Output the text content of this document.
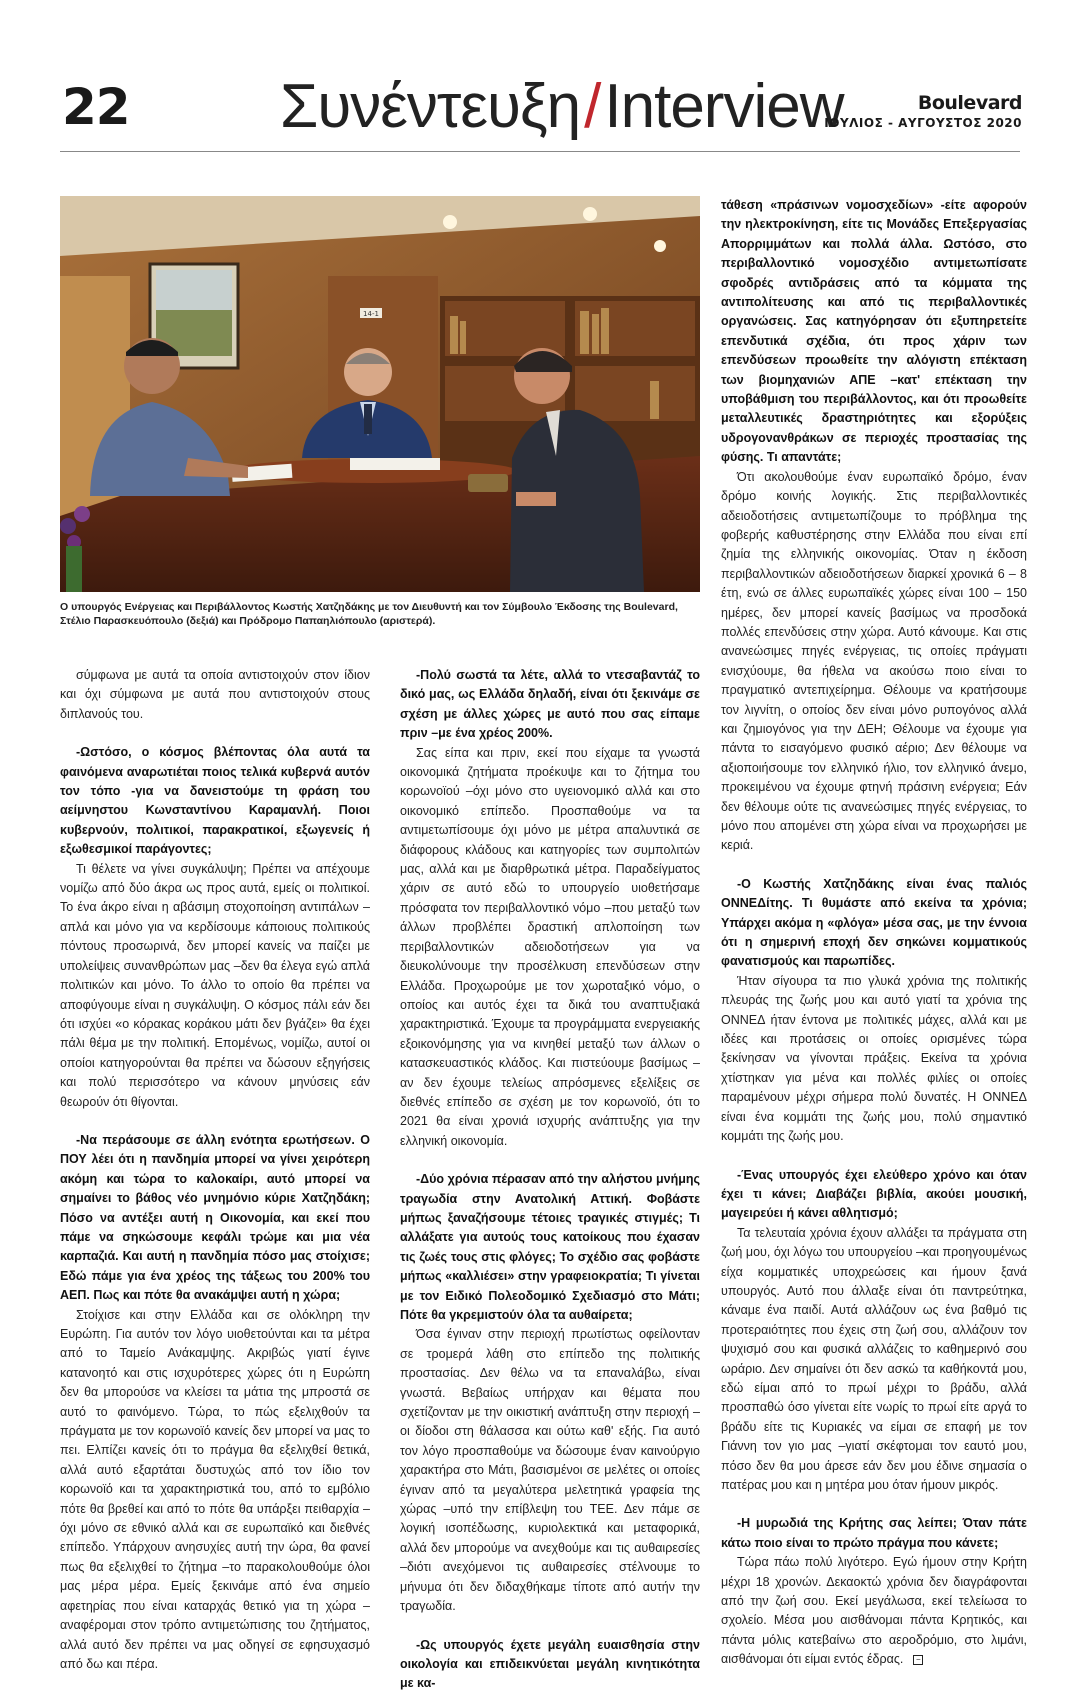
22 Συνέντευξη/Interview	Boulevard
ΙΟΥΛΙΟΣ - ΑΥΓΟΥΣΤΟΣ 2020
14-1
Ο υπουργός Ενέργειας και Περιβάλλοντος Κωστής Χατζηδάκης με τον Διευθυντή και τον Σύμβουλο Έκδοσης της Boulevard, Στέλιο Παρασκευόπουλο (δεξιά) και Πρόδρομο Παπαηλιόπουλο (αριστερά).

σύμφωνα με αυτά τα οποία αντιστοιχούν στον ίδιον και όχι σύμφωνα με αυτά που αντιστοιχούν στους διπλανούς του.

-Ωστόσο, ο κόσμος βλέποντας όλα αυτά τα φαινόμενα αναρωτιέται ποιος τελικά κυβερνά αυτόν τον τόπο -για να δανειστούμε τη φράση του αείμνηστου Κωνσταντίνου Καραμανλή. Ποιοι κυβερνούν, πολιτικοί, παρακρατικοί, εξωγενείς ή εξωθεσμικοί παράγοντες;

Τι θέλετε να γίνει συγκάλυψη; Πρέπει να απέχουμε νομίζω από δύο άκρα ως προς αυτά, εμείς οι πολιτικοί. Το ένα άκρο είναι η αβάσιμη στοχοποίηση αντιπάλων –απλά και μόνο για να κερδίσουμε κάποιους πολιτικούς πόντους προσωρινά, δεν μπορεί κανείς να παίζει με υπολείψεις συνανθρώπων μας –δεν θα έλεγα εγώ απλά πολιτικών και μόνο. Το άλλο το οποίο θα πρέπει να αποφύγουμε είναι η συγκάλυψη. Ο κόσμος πάλι εάν δει ότι ισχύει «ο κόρακας κοράκου μάτι δεν βγάζει» θα έχει πάλι θέμα με την πολιτική. Επομένως, νομίζω, αυτοί οι οποίοι κατηγορούνται θα πρέπει να δώσουν εξηγήσεις και πολύ περισσότερο να κάνουν μηνύσεις εάν θεωρούν ότι θίγονται.

-Να περάσουμε σε άλλη ενότητα ερωτήσεων. Ο ΠΟΥ λέει ότι η πανδημία μπορεί να γίνει χειρότερη ακόμη και τώρα το καλοκαίρι, αυτό μπορεί να σημαίνει το βάθος νέο μνημόνιο κύριε Χατζηδάκη; Πόσο να αντέξει αυτή η Οικονομία, και εκεί που πάμε να σηκώσουμε κεφάλι τρώμε και μια νέα καρπαζιά. Και αυτή η πανδημία πόσο μας στοίχισε; Εδώ πάμε για ένα χρέος της τάξεως του 200% του ΑΕΠ. Πως και πότε θα ανακάμψει αυτή η χώρα;

Στοίχισε και στην Ελλάδα και σε ολόκληρη την Ευρώπη. Για αυτόν τον λόγο υιοθετούνται και τα μέτρα από το Ταμείο Ανάκαμψης. Ακριβώς γιατί έγινε κατανοητό και στις ισχυρότερες χώρες ότι η Ευρώπη δεν θα μπορούσε να κλείσει τα μάτια της μπροστά σε αυτό το φαινόμενο. Τώρα, το πώς εξελιχθούν τα πράγματα με τον κορωνοϊό κανείς δεν μπορεί να μας το πει. Ελπίζει κανείς ότι το πράγμα θα εξελιχθεί θετικά, αλλά αυτό εξαρτάται δυστυχώς από τον ίδιο τον κορωνοϊό και τα χαρακτηριστικά του, από το εμβόλιο πότε θα βρεθεί και από το πότε θα υπάρξει πειθαρχία –όχι μόνο σε εθνικό αλλά και σε ευρωπαϊκό και διεθνές επίπεδο. Υπάρχουν ανησυχίες αυτή την ώρα, θα φανεί πως θα εξελιχθεί το ζήτημα –το παρακολουθούμε όλοι μας μέρα μέρα. Εμείς ξεκινάμε από ένα σημείο αφετηρίας που είναι καταρχάς θετικό για τη χώρα –αναφέρομαι στον τρόπο αντιμετώπισης του ζητήματος, αλλά αυτό δεν πρέπει να μας οδηγεί σε εφησυχασμό από δω και πέρα.

-Πολύ σωστά τα λέτε, αλλά το ντεσαβαντάζ το δικό μας, ως Ελλάδα δηλαδή, είναι ότι ξεκινάμε σε σχέση με άλλες χώρες με αυτό που σας είπαμε πριν –με ένα χρέος 200%.

Σας είπα και πριν, εκεί που είχαμε τα γνωστά οικονομικά ζητήματα προέκυψε και το ζήτημα του κορωνοϊού –όχι μόνο στο υγειονομικό αλλά και στο οικονομικό επίπεδο. Προσπαθούμε να τα αντιμετωπίσουμε όχι μόνο με μέτρα απαλυντικά σε διάφορους κλάδους και κατηγορίες των συμπολιτών μας, αλλά και με διαρθρωτικά μέτρα. Παραδείγματος χάριν σε αυτό εδώ το υπουργείο υιοθετήσαμε πρόσφατα τον περιβαλλοντικό νόμο –που μεταξύ των άλλων προβλέπει δραστική απλοποίηση των περιβαλλοντικών αδειοδοτήσεων για να διευκολύνουμε την προσέλκυση επενδύσεων στην Ελλάδα. Προχωρούμε με τον χωροταξικό νόμο, ο οποίος και αυτός έχει τα δικά του αναπτυξιακά χαρακτηριστικά. Έχουμε τα προγράμματα ενεργειακής εξοικονόμησης για να κινηθεί μεταξύ των άλλων ο κατασκευαστικός κλάδος. Και πιστεύουμε βασίμως –αν δεν έχουμε τελείως απρόσμενες εξελίξεις σε διεθνές επίπεδο σε σχέση με τον κορωνοϊό, ότι το 2021 θα είναι χρονιά ισχυρής ανάπτυξης για την ελληνική οικονομία.

-Δύο χρόνια πέρασαν από την αλήστου μνήμης τραγωδία στην Ανατολική Αττική. Φοβάστε μήπως ξαναζήσουμε τέτοιες τραγικές στιγμές; Τι αλλάξατε για αυτούς τους κατοίκους που έχασαν τις ζωές τους στις φλόγες; Το σχέδιο σας φοβάστε μήπως «καλλιέσει» στην γραφειοκρατία; Τι γίνεται με τον Ειδικό Πολεοδομικό Σχεδιασμό στο Μάτι; Πότε θα γκρεμιστούν όλα τα αυθαίρετα;

Όσα έγιναν στην περιοχή πρωτίστως οφείλονταν σε τρομερά λάθη στο επίπεδο της πολιτικής προστασίας. Δεν θέλω να τα επαναλάβω, είναι γνωστά. Βεβαίως υπήρχαν και θέματα που σχετίζονταν με την οικιστική ανάπτυξη στην περιοχή –οι δίοδοι στη θάλασσα και ούτω καθ' εξής. Για αυτό τον λόγο προσπαθούμε να δώσουμε έναν καινούργιο χαρακτήρα στο Μάτι, βασισμένοι σε μελέτες οι οποίες έγιναν από τα μεγαλύτερα μελετητικά γραφεία της χώρας –υπό την επίβλεψη του ΤΕΕ. Δεν πάμε σε λογική ισοπέδωσης, κυριολεκτικά και μεταφορικά, αλλά δεν μπορούμε να ανεχθούμε και τις αυθαιρεσίες –διότι ανεχόμενοι τις αυθαιρεσίες στέλνουμε το μήνυμα ότι δεν διδαχθήκαμε τίποτε από αυτήν την τραγωδία.

-Ως υπουργός έχετε μεγάλη ευαισθησία στην οικολογία και επιδεικνύεται μεγάλη κινητικότητα με κα-

τάθεση «πράσινων νομοσχεδίων» -είτε αφορούν την ηλεκτροκίνηση, είτε τις Μονάδες Επεξεργασίας Απορριμμάτων και πολλά άλλα. Ωστόσο, στο περιβαλλοντικό νομοσχέδιο αντιμετωπίσατε σφοδρές αντιδράσεις από τα κόμματα της αντιπολίτευσης και από τις περιβαλλοντικές οργανώσεις. Σας κατηγόρησαν ότι εξυπηρετείτε επενδυτικά σχέδια, ότι προς χάριν των επενδύσεων προωθείτε την αλόγιστη επέκταση των βιομηχανιών ΑΠΕ –κατ' επέκταση την υποβάθμιση του περιβάλλοντος, και ότι προωθείτε μεταλλευτικές δραστηριότητες και εξορύξεις υδρογονανθράκων σε περιοχές προστασίας της φύσης. Τι απαντάτε;

Ότι ακολουθούμε έναν ευρωπαϊκό δρόμο, έναν δρόμο κοινής λογικής. Στις περιβαλλοντικές αδειοδοτήσεις αντιμετωπίζουμε το πρόβλημα της φοβερής καθυστέρησης στην Ελλάδα που είναι επί ζημία της ελληνικής οικονομίας. Όταν η έκδοση περιβαλλοντικών αδειοδοτήσεων διαρκεί χρονικά 6 – 8 έτη, ενώ σε άλλες ευρωπαϊκές χώρες είναι 100 – 150 ημέρες, δεν μπορεί κανείς βασίμως να προσδοκά πολλές επενδύσεις στην χώρα. Αυτό κάνουμε. Και στις ανανεώσιμες πηγές ενέργειας, τις οποίες πράγματι ενισχύουμε, θα ήθελα να ακούσω ποιο είναι το πραγματικό αντεπιχείρημα. Θέλουμε να κρατήσουμε τον λιγνίτη, ο οποίος δεν είναι μόνο ρυπογόνος αλλά και ζημιογόνος για την ΔΕΗ; Θέλουμε να έχουμε για πάντα το εισαγόμενο φυσικό αέριο; Δεν θέλουμε να αξιοποιήσουμε τον ελληνικό ήλιο, τον ελληνικό άνεμο, προκειμένου να έχουμε φτηνή πράσινη ενέργεια; Εάν δεν θέλουμε ούτε τις ανανεώσιμες πηγές ενέργειας, το μόνο που απομένει στη χώρα είναι να προχωρήσει με κεριά.

-Ο Κωστής Χατζηδάκης είναι ένας παλιός ΟΝΝΕΔίτης. Τι θυμάστε από εκείνα τα χρόνια; Υπάρχει ακόμα η «φλόγα» μέσα σας, με την έννοια ότι η σημερινή εποχή δεν σηκώνει κομματικούς φανατισμούς και παρωπίδες.

Ήταν σίγουρα τα πιο γλυκά χρόνια της πολιτικής πλευράς της ζωής μου και αυτό γιατί τα χρόνια της ΟΝΝΕΔ ήταν έντονα με πολιτικές μάχες, αλλά και με ιδέες και προτάσεις οι οποίες ορισμένες τώρα ξεκίνησαν να γίνονται πράξεις. Εκείνα τα χρόνια χτίστηκαν για μένα και πολλές φιλίες οι οποίες παραμένουν μέχρι σήμερα πολύ δυνατές. Η ΟΝΝΕΔ είναι ένα κομμάτι της ζωής μου, πολύ σημαντικό κομμάτι της ζωής μου.

-Ένας υπουργός έχει ελεύθερο χρόνο και όταν έχει τι κάνει; Διαβάζει βιβλία, ακούει μουσική, μαγειρεύει ή κάνει αθλητισμό;

Τα τελευταία χρόνια έχουν αλλάξει τα πράγματα στη ζωή μου, όχι λόγω του υπουργείου –και προηγουμένως είχα κομματικές υποχρεώσεις και ήμουν ξανά υπουργός. Αυτό που άλλαξε είναι ότι παντρεύτηκα, κάναμε ένα παιδί. Αυτά αλλάζουν ως ένα βαθμό τις προτεραιότητες που έχεις στη ζωή σου, αλλάζουν τον ψυχισμό σου και φυσικά αλλάζεις το καθημερινό σου ωράριο. Δεν σημαίνει ότι δεν ασκώ τα καθήκοντά μου, εδώ είμαι από το πρωί μέχρι το βράδυ, αλλά προσπαθώ όσο γίνεται είτε νωρίς το πρωί είτε αργά το βράδυ είτε τις Κυριακές να είμαι σε επαφή με τον Γιάννη τον γιο μας –γιατί σκέφτομαι τον εαυτό μου, πόσο δεν θα μου άρεσε εάν δεν μου έδινε σημασία ο πατέρας μου και η μητέρα μου όταν ήμουν μικρός.

-Η μυρωδιά της Κρήτης σας λείπει; Όταν πάτε κάτω ποιο είναι το πρώτο πράγμα που κάνετε;

Τώρα πάω πολύ λιγότερο. Εγώ ήμουν στην Κρήτη μέχρι 18 χρονών. Δεκαοκτώ χρόνια δεν διαγράφονται από την ζωή σου. Εκεί μεγάλωσα, εκεί τελείωσα το σχολείο. Μέσα μου αισθάνομαι πάντα Κρητικός, και πάντα μόλις κατεβαίνω στο αεροδρόμιο, στο λιμάνι, αισθάνομαι ότι είμαι εντός έδρας. −
